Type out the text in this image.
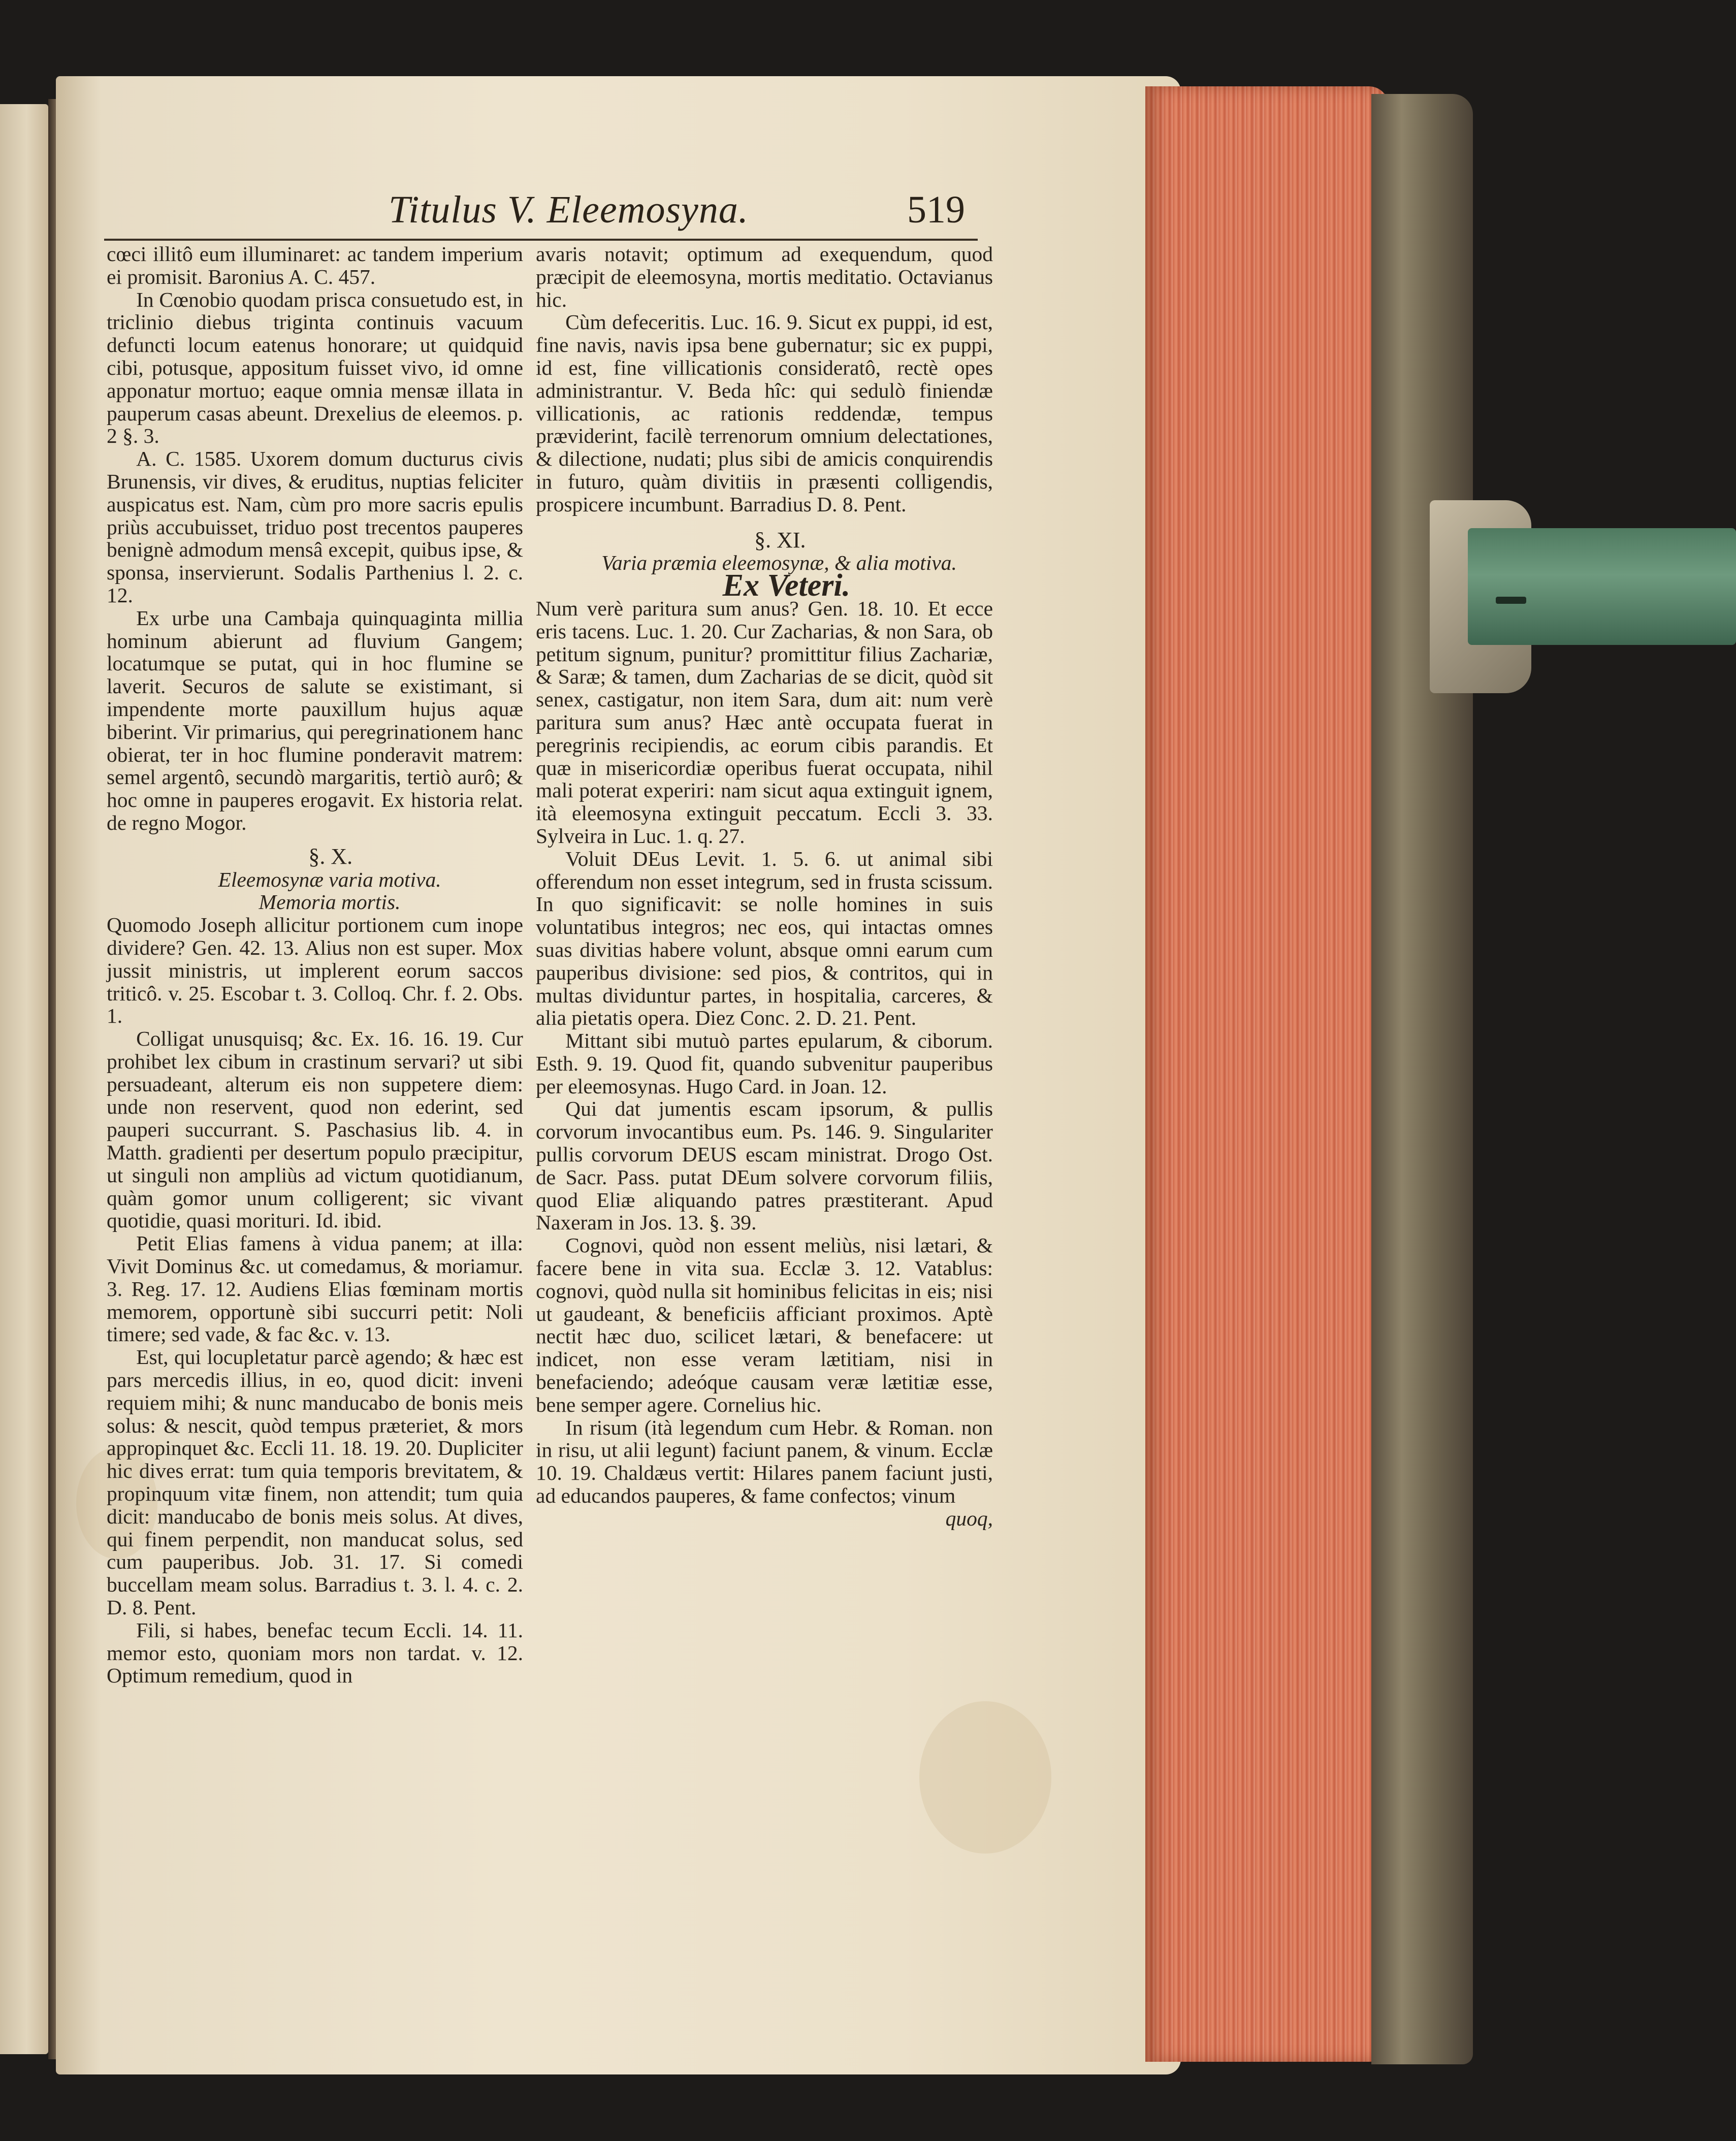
Titulus V. Eleemosyna.	519

cœci illitô eum illuminaret: ac tandem imperium ei promisit. Baronius A. C. 457.

In Cœnobio quodam prisca consuetudo est, in triclinio diebus triginta continuis vacuum defuncti locum eatenus honorare; ut quidquid cibi, potusque, appositum fuisset vivo, id omne apponatur mortuo; eaque omnia mensæ illata in pauperum casas abeunt. Drexelius de eleemos. p. 2 §. 3.

A. C. 1585. Uxorem domum ducturus civis Brunensis, vir dives, & eruditus, nuptias feliciter auspicatus est. Nam, cùm pro more sacris epulis priùs accubuisset, triduo post trecentos pauperes benignè admodum mensâ excepit, quibus ipse, & sponsa, inservierunt. Sodalis Parthenius l. 2. c. 12.

Ex urbe una Cambaja quinquaginta millia hominum abierunt ad fluvium Gangem; locatumque se putat, qui in hoc flumine se laverit. Securos de salute se existimant, si impendente morte pauxillum hujus aquæ biberint. Vir primarius, qui peregrinationem hanc obierat, ter in hoc flumine ponderavit matrem: semel argentô, secundò margaritis, tertiò aurô; & hoc omne in pauperes erogavit. Ex historia relat. de regno Mogor.

§. X.

Eleemosynæ varia motiva.

Memoria mortis.

Quomodo Joseph allicitur portionem cum inope dividere? Gen. 42. 13. Alius non est super. Mox jussit ministris, ut implerent eorum saccos triticô. v. 25. Escobar t. 3. Colloq. Chr. f. 2. Obs. 1.

Colligat unusquisq; &c. Ex. 16. 16. 19. Cur prohibet lex cibum in crastinum servari? ut sibi persuadeant, alterum eis non suppetere diem: unde non reservent, quod non ederint, sed pauperi succurrant. S. Paschasius lib. 4. in Matth. gradienti per desertum populo præcipitur, ut singuli non ampliùs ad victum quotidianum, quàm gomor unum colligerent; sic vivant quotidie, quasi morituri. Id. ibid.

Petit Elias famens à vidua panem; at illa: Vivit Dominus &c. ut comedamus, & moriamur. 3. Reg. 17. 12. Audiens Elias fœminam mortis memorem, opportunè sibi succurri petit: Noli timere; sed vade, & fac &c. v. 13.

Est, qui locupletatur parcè agendo; & hæc est pars mercedis illius, in eo, quod dicit: inveni requiem mihi; & nunc manducabo de bonis meis solus: & nescit, quòd tempus præteriet, & mors appropinquet &c. Eccli 11. 18. 19. 20. Dupliciter hic dives errat: tum quia temporis brevitatem, & propinquum vitæ finem, non attendit; tum quia dicit: manducabo de bonis meis solus. At dives, qui finem perpendit, non manducat solus, sed cum pauperibus. Job. 31. 17. Si comedi buccellam meam solus. Barradius t. 3. l. 4. c. 2. D. 8. Pent.

Fili, si habes, benefac tecum Eccli. 14. 11. memor esto, quoniam mors non tardat. v. 12. Optimum remedium, quod in

avaris notavit; optimum ad exequendum, quod præcipit de eleemosyna, mortis meditatio. Octavianus hic.

Cùm defeceritis. Luc. 16. 9. Sicut ex puppi, id est, fine navis, navis ipsa bene gubernatur; sic ex puppi, id est, fine villicationis consideratô, rectè opes administrantur. V. Beda hîc: qui sedulò finiendæ villicationis, ac rationis reddendæ, tempus præviderint, facilè terrenorum omnium delectationes, & dilectione, nudati; plus sibi de amicis conquirendis in futuro, quàm divitiis in præsenti colligendis, prospicere incumbunt. Barradius D. 8. Pent.

§. XI.

Varia præmia eleemosynæ, & alia motiva.

Ex Veteri.

Num verè paritura sum anus? Gen. 18. 10. Et ecce eris tacens. Luc. 1. 20. Cur Zacharias, & non Sara, ob petitum signum, punitur? promittitur filius Zachariæ, & Saræ; & tamen, dum Zacharias de se dicit, quòd sit senex, castigatur, non item Sara, dum ait: num verè paritura sum anus? Hæc antè occupata fuerat in peregrinis recipiendis, ac eorum cibis parandis. Et quæ in misericordiæ operibus fuerat occupata, nihil mali poterat experiri: nam sicut aqua extinguit ignem, ità eleemosyna extinguit peccatum. Eccli 3. 33. Sylveira in Luc. 1. q. 27.

Voluit DEus Levit. 1. 5. 6. ut animal sibi offerendum non esset integrum, sed in frusta scissum. In quo significavit: se nolle homines in suis voluntatibus integros; nec eos, qui intactas omnes suas divitias habere volunt, absque omni earum cum pauperibus divisione: sed pios, & contritos, qui in multas dividuntur partes, in hospitalia, carceres, & alia pietatis opera. Diez Conc. 2. D. 21. Pent.

Mittant sibi mutuò partes epularum, & ciborum. Esth. 9. 19. Quod fit, quando subvenitur pauperibus per eleemosynas. Hugo Card. in Joan. 12.

Qui dat jumentis escam ipsorum, & pullis corvorum invocantibus eum. Ps. 146. 9. Singulariter pullis corvorum DEUS escam ministrat. Drogo Ost. de Sacr. Pass. putat DEum solvere corvorum filiis, quod Eliæ aliquando patres præstiterant. Apud Naxeram in Jos. 13. §. 39.

Cognovi, quòd non essent meliùs, nisi lætari, & facere bene in vita sua. Ecclæ 3. 12. Vatablus: cognovi, quòd nulla sit hominibus felicitas in eis; nisi ut gaudeant, & beneficiis afficiant proximos. Aptè nectit hæc duo, scilicet lætari, & benefacere: ut indicet, non esse veram lætitiam, nisi in benefaciendo; adeóque causam veræ lætitiæ esse, bene semper agere. Cornelius hic.

In risum (ità legendum cum Hebr. & Roman. non in risu, ut alii legunt) faciunt panem, & vinum. Ecclæ 10. 19. Chaldæus vertit: Hilares panem faciunt justi, ad educandos pauperes, & fame confectos; vinum

quoq,
